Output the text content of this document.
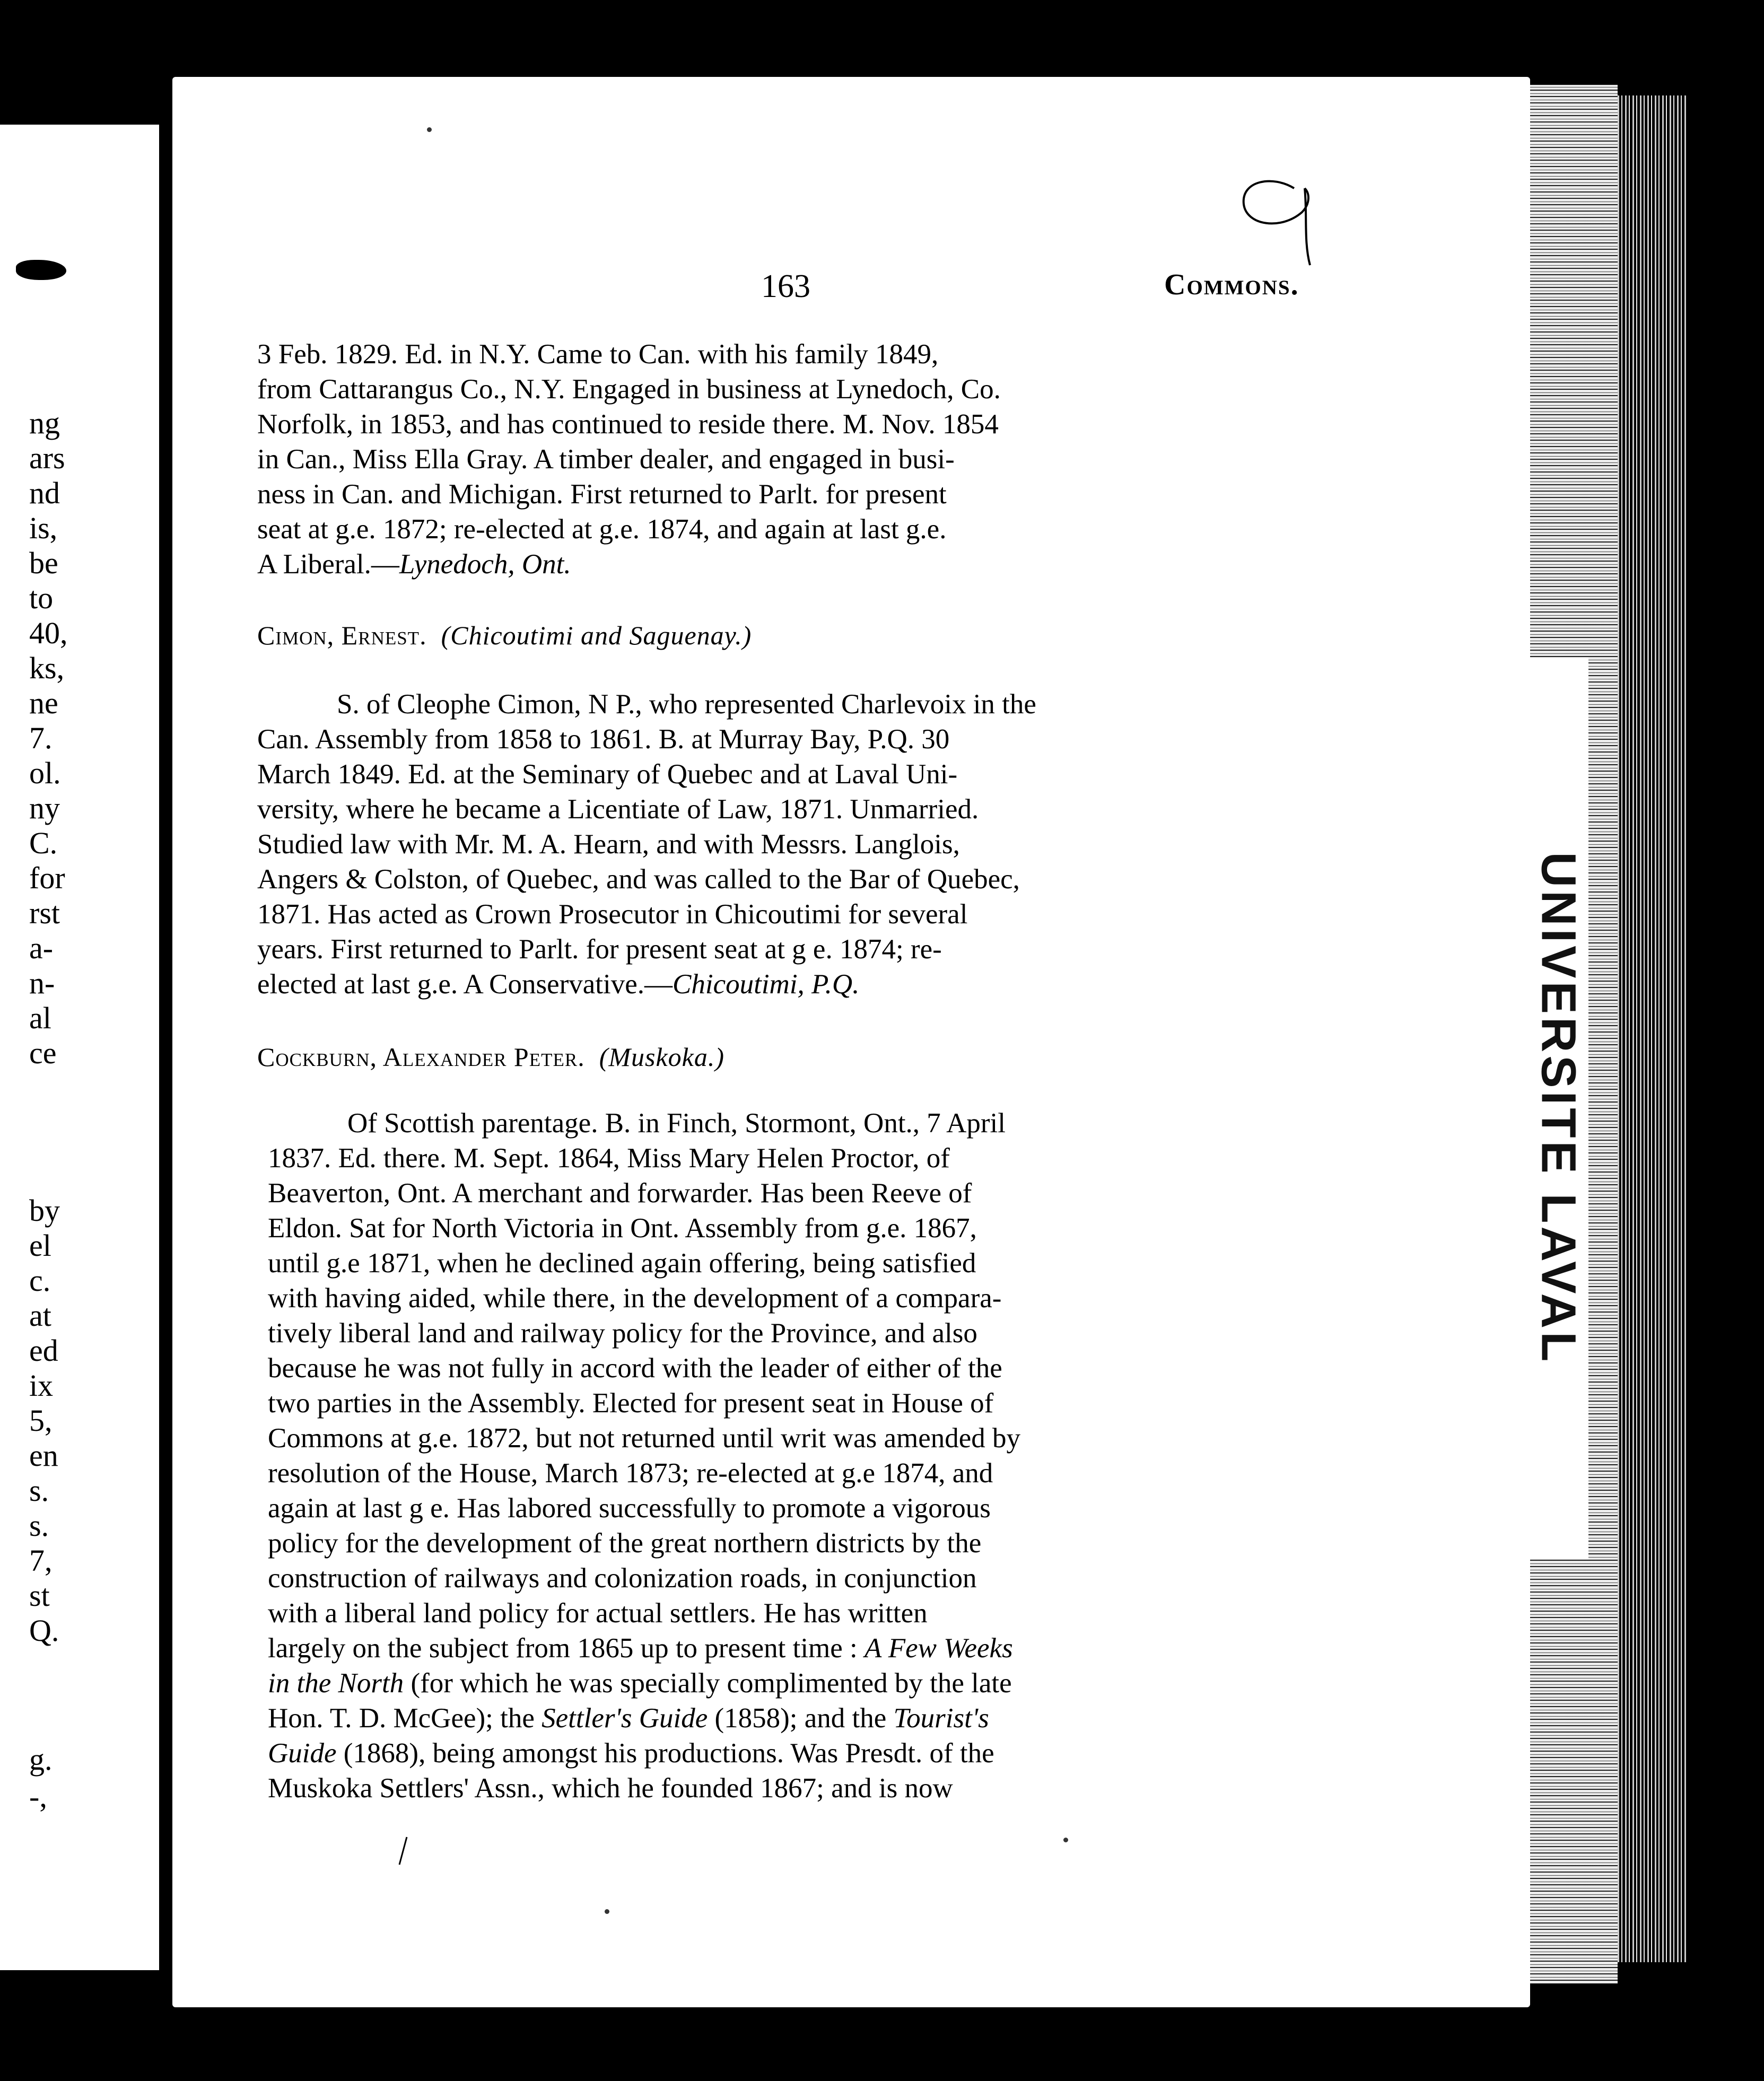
ng
ars
nd
is,
be
to
40,
ks,
ne
7.
ol.
ny
C.
for
rst
a-
n-
al
ce
by
el
c.
at
ed
ix
5,
en
s.
s.
7,
st
Q.
g.
-,
UNIVERSITE LAVAL
163	Commons.

3 Feb. 1829. Ed. in N.Y. Came to Can. with his family 1849,

from Cattarangus Co., N.Y. Engaged in business at Lynedoch, Co.

Norfolk, in 1853, and has continued to reside there. M. Nov. 1854

in Can., Miss Ella Gray. A timber dealer, and engaged in busi-

ness in Can. and Michigan. First returned to Parlt. for present

seat at g.e. 1872; re-elected at g.e. 1874, and again at last g.e.

A Liberal.—Lynedoch, Ont.

Cimon, Ernest. (Chicoutimi and Saguenay.)

S. of Cleophe Cimon, N P., who represented Charlevoix in the

Can. Assembly from 1858 to 1861. B. at Murray Bay, P.Q. 30

March 1849. Ed. at the Seminary of Quebec and at Laval Uni-

versity, where he became a Licentiate of Law, 1871. Unmarried.

Studied law with Mr. M. A. Hearn, and with Messrs. Langlois,

Angers & Colston, of Quebec, and was called to the Bar of Quebec,

1871. Has acted as Crown Prosecutor in Chicoutimi for several

years. First returned to Parlt. for present seat at g e. 1874; re-

elected at last g.e. A Conservative.—Chicoutimi, P.Q.

Cockburn, Alexander Peter. (Muskoka.)

Of Scottish parentage. B. in Finch, Stormont, Ont., 7 April

1837. Ed. there. M. Sept. 1864, Miss Mary Helen Proctor, of

Beaverton, Ont. A merchant and forwarder. Has been Reeve of

Eldon. Sat for North Victoria in Ont. Assembly from g.e. 1867,

until g.e 1871, when he declined again offering, being satisfied

with having aided, while there, in the development of a compara-

tively liberal land and railway policy for the Province, and also

because he was not fully in accord with the leader of either of the

two parties in the Assembly. Elected for present seat in House of

Commons at g.e. 1872, but not returned until writ was amended by

resolution of the House, March 1873; re-elected at g.e 1874, and

again at last g e. Has labored successfully to promote a vigorous

policy for the development of the great northern districts by the

construction of railways and colonization roads, in conjunction

with a liberal land policy for actual settlers. He has written

largely on the subject from 1865 up to present time : A Few Weeks

in the North (for which he was specially complimented by the late

Hon. T. D. McGee); the Settler's Guide (1858); and the Tourist's

Guide (1868), being amongst his productions. Was Presdt. of the

Muskoka Settlers' Assn., which he founded 1867; and is now
